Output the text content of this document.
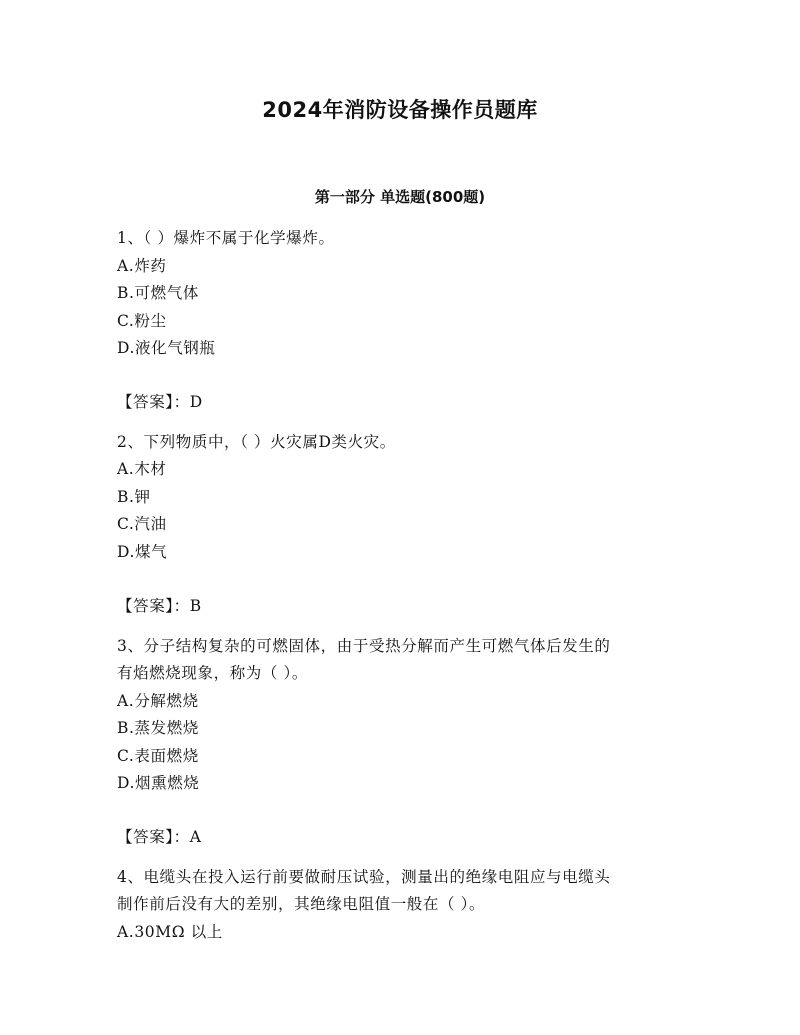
2024年消防设备操作员题库
第一部分 单选题(800题)
1、（ ）爆炸不属于化学爆炸。
A.炸药
B.可燃气体
C.粉尘
D.液化气钢瓶
【答案】：D
2、下列物质中，（ ）火灾属D类火灾。
A.木材
B.钾
C.汽油
D.煤气
【答案】：B
3、分子结构复杂的可燃固体，由于受热分解而产生可燃气体后发生的
有焰燃烧现象，称为（ ）。
A.分解燃烧
B.蒸发燃烧
C.表面燃烧
D.烟熏燃烧
【答案】：A
4、电缆头在投入运行前要做耐压试验，测量出的绝缘电阻应与电缆头
制作前后没有大的差别，其绝缘电阻值一般在（ ）。
A.30MΩ 以上
